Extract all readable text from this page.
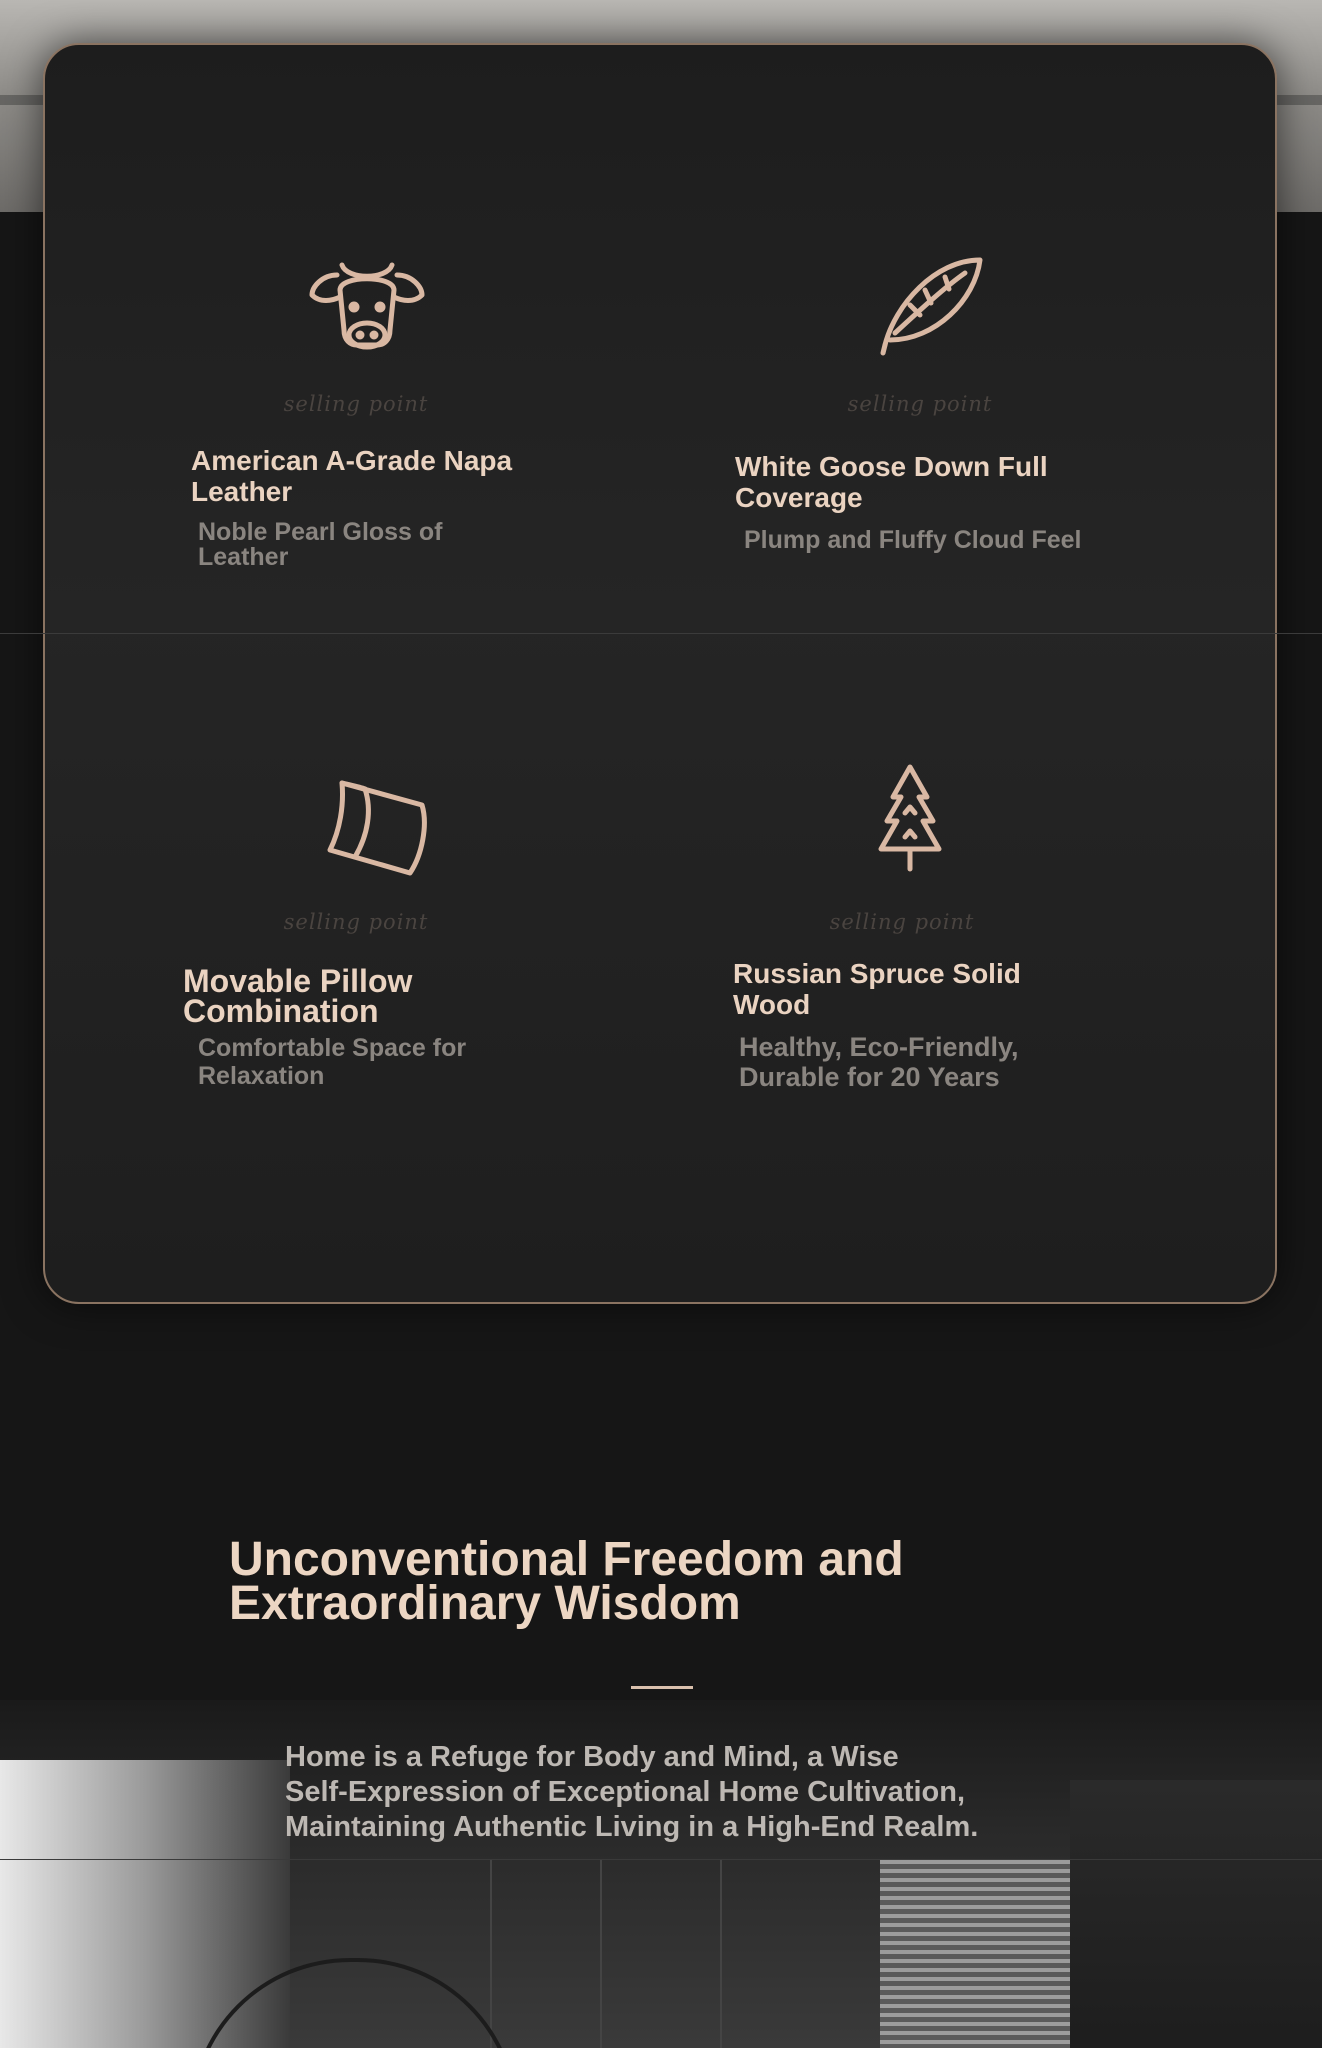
selling point
American A-Grade Napa
Leather
Noble Pearl Gloss of
Leather
selling point
White Goose Down Full
Coverage
Plump and Fluffy Cloud Feel
selling point
Movable Pillow
Combination
Comfortable Space for
Relaxation
selling point
Russian Spruce Solid
Wood
Healthy, Eco-Friendly,
Durable for 20 Years
Unconventional Freedom and
Extraordinary Wisdom
Home is a Refuge for Body and Mind, a Wise
Self-Expression of Exceptional Home Cultivation,
Maintaining Authentic Living in a High-End Realm.
